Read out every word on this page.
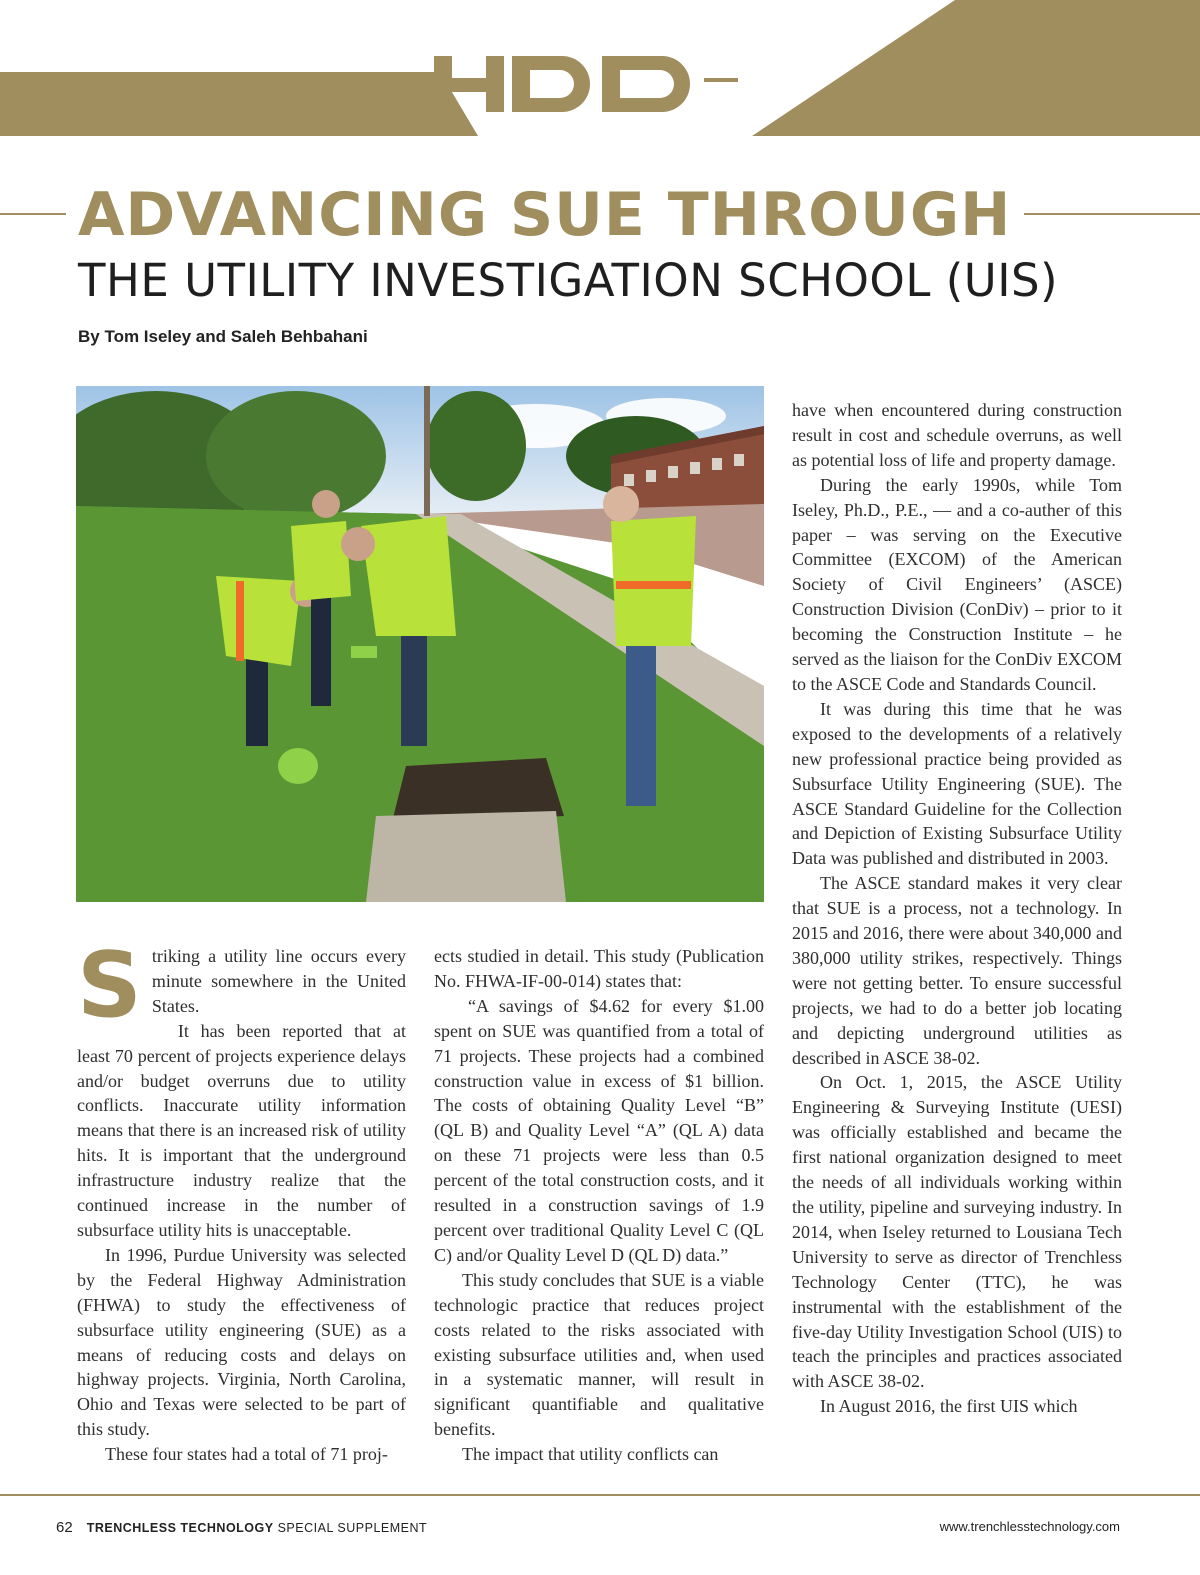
HDD
ADVANCING SUE THROUGH
THE UTILITY INVESTIGATION SCHOOL (UIS)
By Tom Iseley and Saleh Behbahani
S triking a utility line occurs every minute somewhere in the United States.

It has been reported that at least 70 percent of projects experience delays and/or budget overruns due to utility conflicts. Inaccurate utility information means that there is an increased risk of utility hits. It is important that the underground infrastructure industry realize that the continued increase in the number of subsurface utility hits is unacceptable.

In 1996, Purdue University was selected by the Federal Highway Administration (FHWA) to study the effectiveness of subsurface utility engineering (SUE) as a means of reducing costs and delays on highway projects. Virginia, North Carolina, Ohio and Texas were selected to be part of this study.

These four states had a total of 71 proj-

ects studied in detail. This study (Publication No. FHWA-IF-00-014) states that:

“A savings of $4.62 for every $1.00 spent on SUE was quantified from a total of 71 projects. These projects had a combined construction value in excess of $1 billion. The costs of obtaining Quality Level “B” (QL B) and Quality Level “A” (QL A) data on these 71 projects were less than 0.5 percent of the total construction costs, and it resulted in a construction savings of 1.9 percent over traditional Quality Level C (QL C) and/or Quality Level D (QL D) data.”

This study concludes that SUE is a viable technologic practice that reduces project costs related to the risks associated with existing subsurface utilities and, when used in a systematic manner, will result in significant quantifiable and qualitative benefits.

The impact that utility conflicts can

have when encountered during construction result in cost and schedule overruns, as well as potential loss of life and property damage.

During the early 1990s, while Tom Iseley, Ph.D., P.E., — and a co-auther of this paper – was serving on the Executive Committee (EXCOM) of the American Society of Civil Engineers’ (ASCE) Construction Division (ConDiv) – prior to it becoming the Construction Institute – he served as the liaison for the ConDiv EXCOM to the ASCE Code and Standards Council.

It was during this time that he was exposed to the developments of a relatively new professional practice being provided as Subsurface Utility Engineering (SUE). The ASCE Standard Guideline for the Collection and Depiction of Existing Subsurface Utility Data was published and distributed in 2003.

The ASCE standard makes it very clear that SUE is a process, not a technology. In 2015 and 2016, there were about 340,000 and 380,000 utility strikes, respectively. Things were not getting better. To ensure successful projects, we had to do a better job locating and depicting underground utilities as described in ASCE 38-02.

On Oct. 1, 2015, the ASCE Utility Engineering & Surveying Institute (UESI) was officially established and became the first national organization designed to meet the needs of all individuals working within the utility, pipeline and surveying industry. In 2014, when Iseley returned to Lousiana Tech University to serve as director of Trenchless Technology Center (TTC), he was instrumental with the establishment of the five-day Utility Investigation School (UIS) to teach the principles and practices associated with ASCE 38-02.

In August 2016, the first UIS which

62 TRENCHLESS TECHNOLOGY SPECIAL SUPPLEMENT	www.trenchlesstechnology.com
